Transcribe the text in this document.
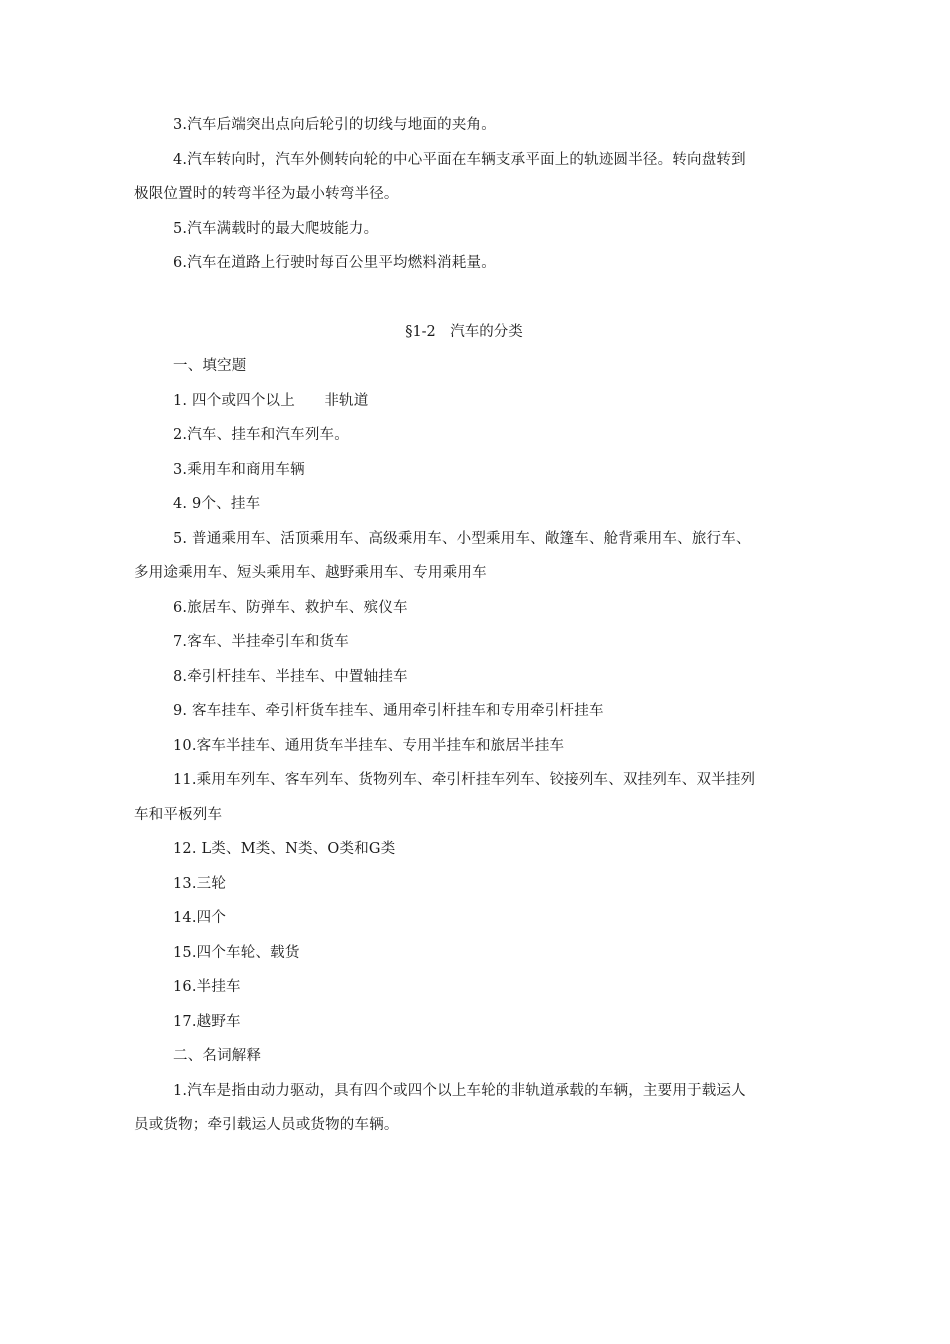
3.汽车后端突出点向后轮引的切线与地面的夹角。

4.汽车转向时，汽车外侧转向轮的中心平面在车辆支承平面上的轨迹圆半径。转向盘转到极限位置时的转弯半径为最小转弯半径。

5.汽车满载时的最大爬坡能力。

6.汽车在道路上行驶时每百公里平均燃料消耗量。

§1-2　汽车的分类

一、填空题

1. 四个或四个以上　　非轨道

2.汽车、挂车和汽车列车。

3.乘用车和商用车辆

4. 9个、挂车

5. 普通乘用车、活顶乘用车、高级乘用车、小型乘用车、敞篷车、舱背乘用车、旅行车、多用途乘用车、短头乘用车、越野乘用车、专用乘用车

6.旅居车、防弹车、救护车、殡仪车

7.客车、半挂牵引车和货车

8.牵引杆挂车、半挂车、中置轴挂车

9. 客车挂车、牵引杆货车挂车、通用牵引杆挂车和专用牵引杆挂车

10.客车半挂车、通用货车半挂车、专用半挂车和旅居半挂车

11.乘用车列车、客车列车、货物列车、牵引杆挂车列车、铰接列车、双挂列车、双半挂列车和平板列车

12. L类、M类、N类、O类和G类

13.三轮

14.四个

15.四个车轮、载货

16.半挂车

17.越野车

二、名词解释

1.汽车是指由动力驱动，具有四个或四个以上车轮的非轨道承载的车辆，主要用于载运人员或货物；牵引载运人员或货物的车辆。
